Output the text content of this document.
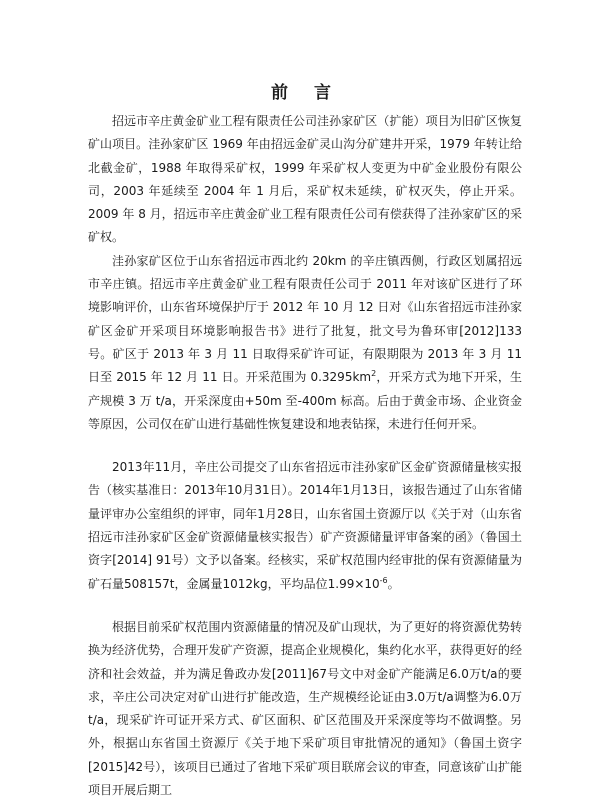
前 言

招远市辛庄黄金矿业工程有限责任公司洼孙家矿区（扩能）项目为旧矿区恢复矿山项目。洼孙家矿区 1969 年由招远金矿灵山沟分矿建井开采，1979 年转让给北截金矿，1988 年取得采矿权，1999 年采矿权人变更为中矿金业股份有限公司，2003 年延续至 2004 年 1 月后，采矿权未延续，矿权灭失，停止开采。2009 年 8 月，招远市辛庄黄金矿业工程有限责任公司有偿获得了洼孙家矿区的采矿权。

洼孙家矿区位于山东省招远市西北约 20km 的辛庄镇西侧，行政区划属招远市辛庄镇。招远市辛庄黄金矿业工程有限责任公司于 2011 年对该矿区进行了环境影响评价，山东省环境保护厅于 2012 年 10 月 12 日对《山东省招远市洼孙家矿区金矿开采项目环境影响报告书》进行了批复，批文号为鲁环审[2012]133 号。矿区于 2013 年 3 月 11 日取得采矿许可证，有限期限为 2013 年 3 月 11 日至 2015 年 12 月 11 日。开采范围为 $0.3295km^2$，开采方式为地下开采，生产规模 3 万 t/a，开采深度由+50m 至-400m 标高。后由于黄金市场、企业资金等原因，公司仅在矿山进行基础性恢复建设和地表钻探，未进行任何开采。

2013年11月，辛庄公司提交了山东省招远市洼孙家矿区金矿资源储量核实报告（核实基准日：2013年10月31日）。2014年1月13日，该报告通过了山东省储量评审办公室组织的评审，同年1月28日，山东省国土资源厅以《关于对（山东省招远市洼孙家矿区金矿资源储量核实报告）矿产资源储量评审备案的函》（鲁国土资字[2014] 91号）文予以备案。经核实，采矿权范围内经审批的保有资源储量为矿石量508157t，金属量1012kg，平均品位$1.99\times 10^{-6}$。

根据目前采矿权范围内资源储量的情况及矿山现状，为了更好的将资源优势转换为经济优势，合理开发矿产资源，提高企业规模化，集约化水平，获得更好的经济和社会效益，并为满足鲁政办发[2011]67号文中对金矿产能满足6.0万t/a的要求，辛庄公司决定对矿山进行扩能改造，生产规模经论证由3.0万t/a调整为6.0万t/a，现采矿许可证开采方式、矿区面积、矿区范围及开采深度等均不做调整。另外，根据山东省国土资源厅《关于地下采矿项目审批情况的通知》（鲁国土资字[2015]42号），该项目已通过了省地下采矿项目联席会议的审查，同意该矿山扩能项目开展后期工
